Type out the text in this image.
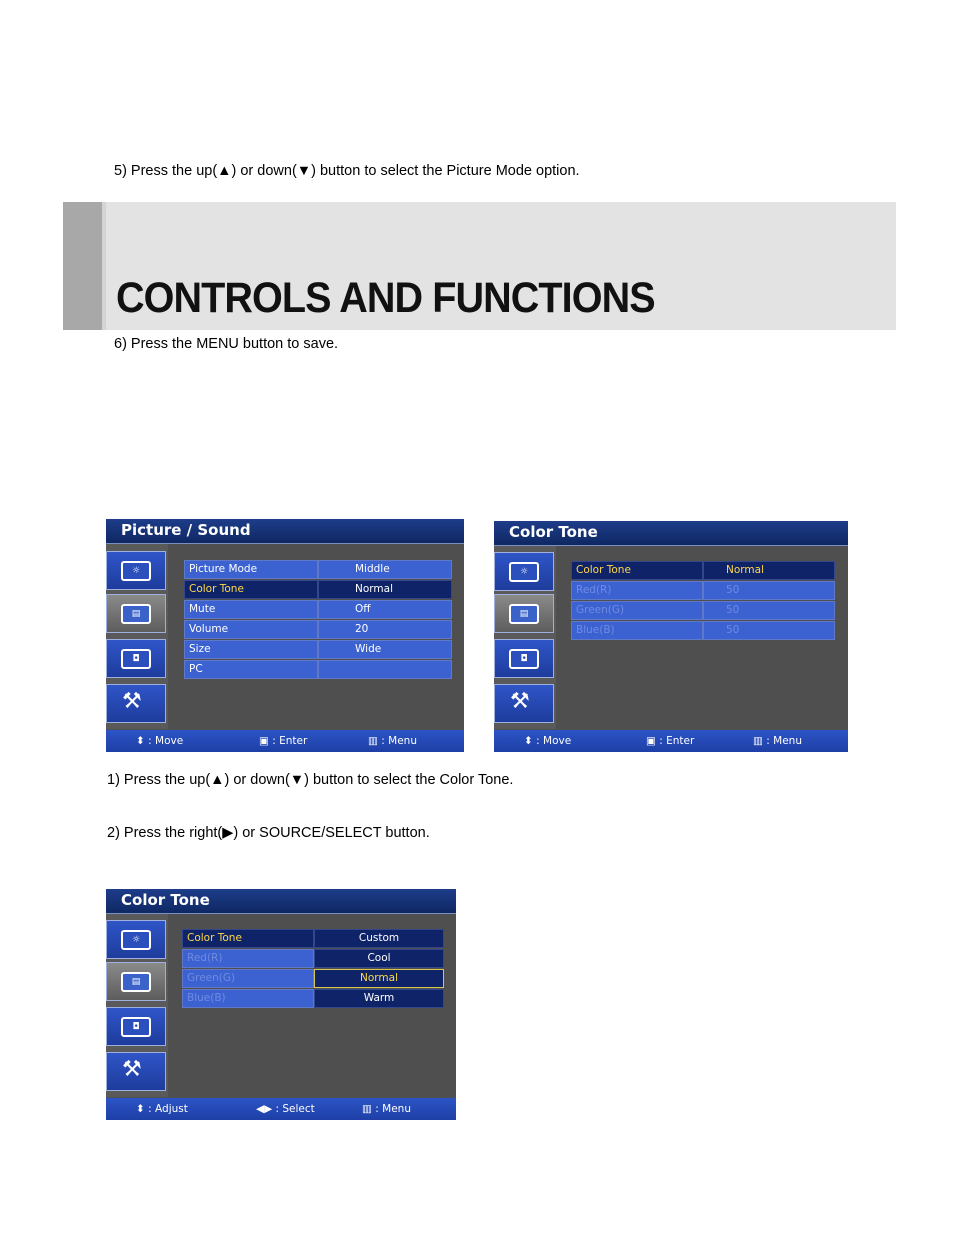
5) Press the up(▲) or down(▼) button to select the Picture Mode option.
CONTROLS AND FUNCTIONS
6) Press the MENU button to save.
Picture / Sound
☼
▤
◘
⚒
Picture Mode	Middle
Color Tone	Normal
Mute	Off
Volume	20
Size	Wide
PC
⬍ : Move	▣ : Enter	▥ : Menu
Color Tone
☼
▤
◘
⚒
Color Tone	Normal
Red(R)	50
Green(G)	50
Blue(B)	50
⬍ : Move	▣ : Enter	▥ : Menu
1) Press the up(▲) or down(▼) button to select the Color Tone.
2) Press the right(▶) or SOURCE/SELECT button.
Color Tone
☼
▤
◘
⚒
Color Tone	Custom
Red(R)	Cool
Green(G)	Normal
Blue(B)	Warm
⬍ : Adjust	◀▶ : Select	▥ : Menu
